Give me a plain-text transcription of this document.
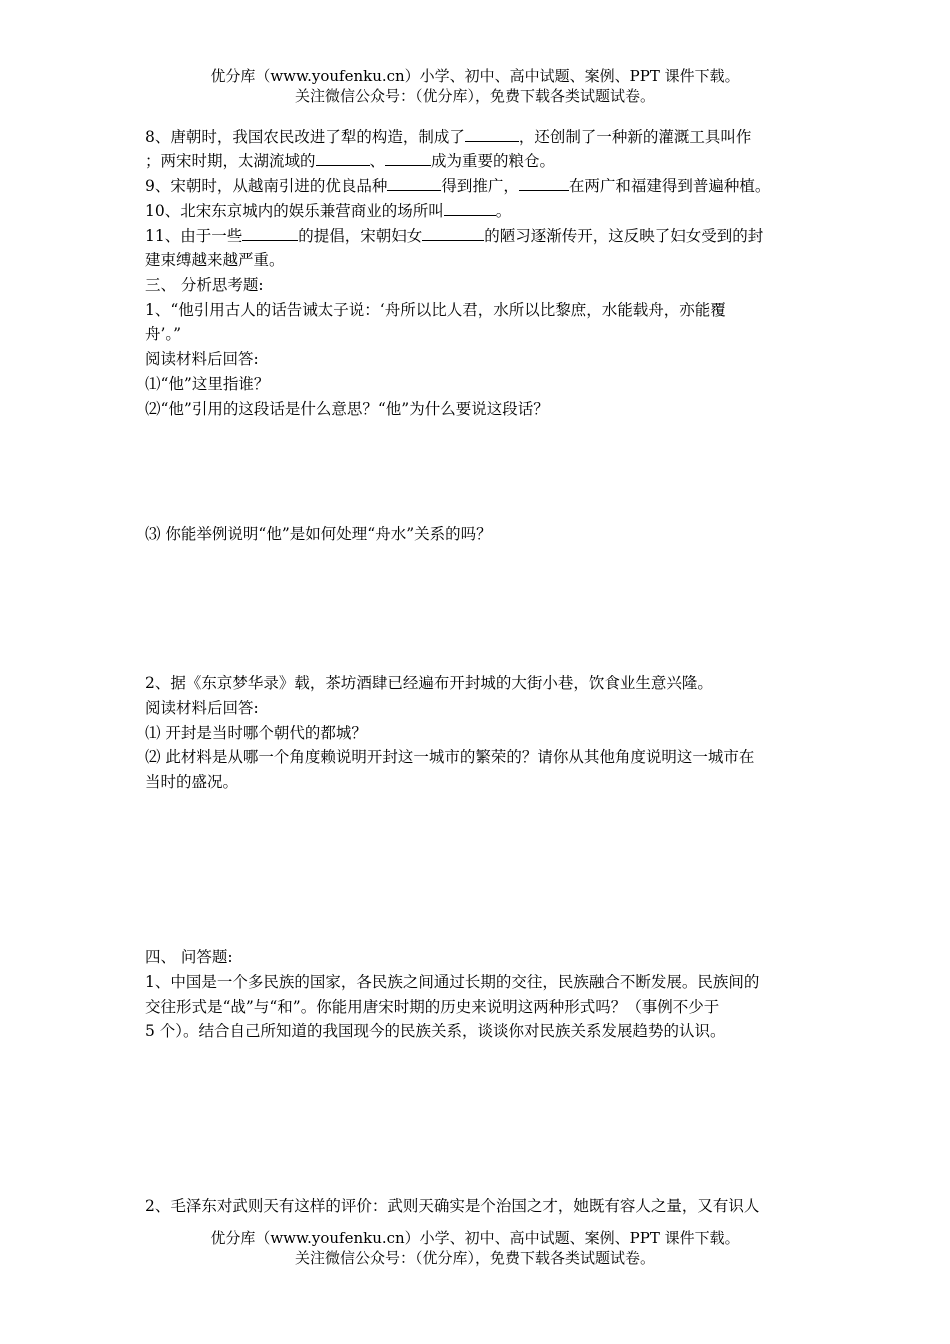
优分库（www.youfenku.cn）小学、初中、高中试题、案例、PPT 课件下载。
关注微信公众号：（优分库），免费下载各类试题试卷。
8、唐朝时，我国农民改进了犁的构造，制成了	，还创制了一种新的灌溉工具叫作
；两宋时期，太湖流域的	、	成为重要的粮仓。
9、宋朝时，从越南引进的优良品种	得到推广，	在两广和福建得到普遍种植。
10、北宋东京城内的娱乐兼营商业的场所叫	。
11、由于一些	的提倡，宋朝妇女	的陋习逐渐传开，这反映了妇女受到的封
建束缚越来越严重。
三、 分析思考题:
1、“他引用古人的话告诫太子说：‘舟所以比人君，水所以比黎庶，水能载舟，亦能覆
舟’。”
阅读材料后回答:
⑴“他”这里指谁？
⑵“他”引用的这段话是什么意思？“他”为什么要说这段话？
⑶ 你能举例说明“他”是如何处理“舟水”关系的吗？
2、据《东京梦华录》载，茶坊酒肆已经遍布开封城的大街小巷，饮食业生意兴隆。
阅读材料后回答:
⑴ 开封是当时哪个朝代的都城？
⑵ 此材料是从哪一个角度赖说明开封这一城市的繁荣的？请你从其他角度说明这一城市在
当时的盛况。
四、 问答题:
1、中国是一个多民族的国家，各民族之间通过长期的交往，民族融合不断发展。民族间的
交往形式是“战”与“和”。你能用唐宋时期的历史来说明这两种形式吗？（事例不少于
5 个）。结合自己所知道的我国现今的民族关系，谈谈你对民族关系发展趋势的认识。
2、毛泽东对武则天有这样的评价：武则天确实是个治国之才，她既有容人之量，又有识人
优分库（www.youfenku.cn）小学、初中、高中试题、案例、PPT 课件下载。
关注微信公众号：（优分库），免费下载各类试题试卷。
